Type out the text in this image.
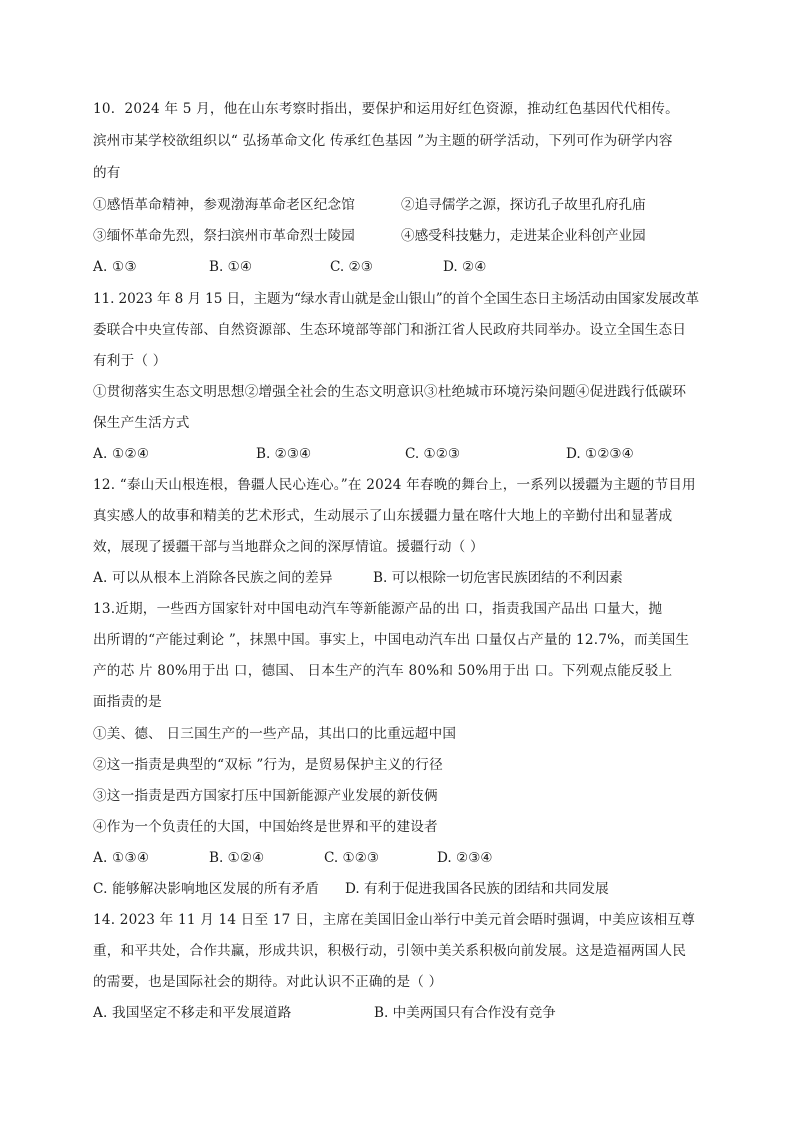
10．2024 年 5 月，他在山东考察时指出，要保护和运用好红色资源，推动红色基因代代相传。
滨州市某学校欲组织以“ 弘扬革命文化 传承红色基因 ”为主题的研学活动，下列可作为研学内容
的有
①感悟革命精神，参观渤海革命老区纪念馆	②追寻儒学之源，探访孔子故里孔府孔庙
③缅怀革命先烈，祭扫滨州市革命烈士陵园	④感受科技魅力，走进某企业科创产业园
A. ①③	B. ①④	C. ②③	D. ②④
11. 2023 年 8 月 15 日，主题为“绿水青山就是金山银山”的首个全国生态日主场活动由国家发展改革
委联合中央宣传部、自然资源部、生态环境部等部门和浙江省人民政府共同举办。设立全国生态日
有利于（ ）
①贯彻落实生态文明思想②增强全社会的生态文明意识③杜绝城市环境污染问题④促进践行低碳环
保生产生活方式
A. ①②④	B. ②③④	C. ①②③	D. ①②③④
12. “泰山天山根连根，鲁疆人民心连心。”在 2024 年春晚的舞台上，一系列以援疆为主题的节目用
真实感人的故事和精美的艺术形式，生动展示了山东援疆力量在喀什大地上的辛勤付出和显著成
效，展现了援疆干部与当地群众之间的深厚情谊。援疆行动（ ）
A. 可以从根本上消除各民族之间的差异	B. 可以根除一切危害民族团结的不利因素
13.近期，一些西方国家针对中国电动汽车等新能源产品的出 口，指责我国产品出 口量大，抛
出所谓的“产能过剩论 ”，抹黑中国。事实上，中国电动汽车出 口量仅占产量的 12.7%，而美国生
产的芯 片 80%用于出 口，德国、 日本生产的汽车 80%和 50%用于出 口。下列观点能反驳上
面指责的是
①美、德、 日三国生产的一些产品，其出口的比重远超中国
②这一指责是典型的“双标 ”行为，是贸易保护主义的行径
③这一指责是西方国家打压中国新能源产业发展的新伎俩
④作为一个负责任的大国，中国始终是世界和平的建设者
A. ①③④	B. ①②④	C. ①②③	D. ②③④
C. 能够解决影响地区发展的所有矛盾 D. 有利于促进我国各民族的团结和共同发展
14. 2023 年 11 月 14 日至 17 日，主席在美国旧金山举行中美元首会晤时强调，中美应该相互尊
重，和平共处，合作共赢，形成共识，积极行动，引领中美关系积极向前发展。这是造福两国人民
的需要，也是国际社会的期待。对此认识不正确的是（ ）
A. 我国坚定不移走和平发展道路	B. 中美两国只有合作没有竞争
